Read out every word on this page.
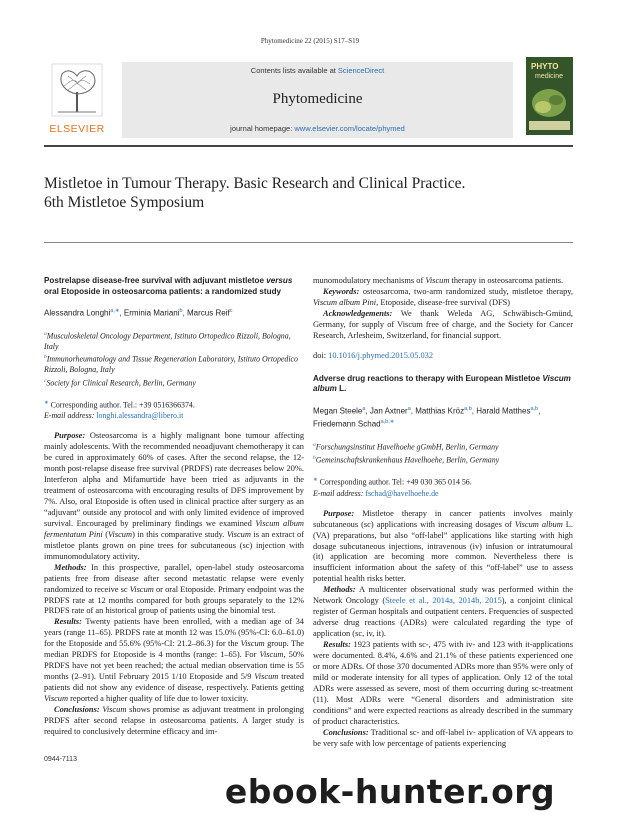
Phytomedicine 22 (2015) S17–S19
ELSEVIER
Contents lists available at ScienceDirect
Phytomedicine
journal homepage: www.elsevier.com/locate/phymed
PHYTO
medicine
Mistletoe in Tumour Therapy. Basic Research and Clinical Practice.
6th Mistletoe Symposium

Postrelapse disease-free survival with adjuvant mistletoe versus oral Etoposide in osteosarcoma patients: a randomized study

Alessandra Longhi$^{a,∗}$, Erminia Mariani$^b$, Marcus Reif$^c$

$^a$Musculoskeletal Oncology Department, Istituto Ortopedico Rizzoli, Bologna, Italy

$^b$Immunorheumatology and Tissue Regeneration Laboratory, Istituto Ortopedico Rizzoli, Bologna, Italy

$^c$Society for Clinical Research, Berlin, Germany

∗ Corresponding author. Tel.: +39 0516366374.

E-mail address: longhi.alessandra@libero.it

Purpose: Osteosarcoma is a highly malignant bone tumour affecting mainly adolescents. With the recommended neoadjuvant chemotherapy it can be cured in approximately 60% of cases. After the second relapse, the 12-month post-relapse disease free survival (PRDFS) rate decreases below 20%. Interferon alpha and Mifamurtide have been tried as adjuvants in the treatment of osteosarcoma with encouraging results of DFS improvement by 7%. Also, oral Etoposide is often used in clinical practice after surgery as an “adjuvant” outside any protocol and with only limited evidence of improved survival. Encouraged by preliminary findings we examined Viscum album fermentatum Pini (Viscum) in this comparative study. Viscum is an extract of mistletoe plants grown on pine trees for subcutaneous (sc) injection with immunomodulatory activity.

Methods: In this prospective, parallel, open-label study osteosarcoma patients free from disease after second metastatic relapse were evenly randomized to receive sc Viscum or oral Etoposide. Primary endpoint was the PRDFS rate at 12 months compared for both groups separately to the 12% PRDFS rate of an historical group of patients using the binomial test.

Results: Twenty patients have been enrolled, with a median age of 34 years (range 11–65). PRDFS rate at month 12 was 15.0% (95%-CI: 6.0–61.0) for the Etoposide and 55.6% (95%-CI: 21.2–86.3) for the Viscum group. The median PRDFS for Etoposide is 4 months (range: 1–65). For Viscum, 50% PRDFS have not yet been reached; the actual median observation time is 55 months (2–91). Until February 2015 1/10 Etoposide and 5/9 Viscum treated patients did not show any evidence of disease, respectively. Patients getting Viscum reported a higher quality of life due to lower toxicity.

Conclusions: Viscum shows promise as adjuvant treatment in prolonging PRDFS after second relapse in osteosarcoma patients. A larger study is required to conclusively determine efficacy and im-

munomodulatory mechanisms of Viscum therapy in osteosarcoma patients.

Keywords: osteosarcoma, two-arm randomized study, mistletoe therapy, Viscum album Pini, Etoposide, disease-free survival (DFS)

Acknowledgements: We thank Weleda AG, Schwäbisch-Gmünd, Germany, for supply of Viscum free of charge, and the Society for Cancer Research, Arlesheim, Switzerland, for financial support.

doi: 10.1016/j.phymed.2015.05.032

Adverse drug reactions to therapy with European Mistletoe Viscum album L.

Megan Steele$^a$, Jan Axtner$^a$, Matthias Kröz$^{a,b}$, Harald Matthes$^{a,b}$, Friedemann Schad$^{a,b,∗}$

$^a$Forschungsinstitut Havelhoehe gGmbH, Berlin, Germany

$^b$Gemeinschaftskrankenhaus Havelhoehe, Berlin, Germany

∗ Corresponding author. Tel: +49 030 365 014 56.

E-mail address: fschad@havelhoehe.de

Purpose: Mistletoe therapy in cancer patients involves mainly subcutaneous (sc) applications with increasing dosages of Viscum album L. (VA) preparations, but also “off-label” applications like starting with high dosage subcutaneous injections, intravenous (iv) infusion or intratumoural (it) application are becoming more common. Nevertheless there is insufficient information about the safety of this “off-label” use to assess potential health risks better.

Methods: A multicenter observational study was performed within the Network Oncology (Steele et al., 2014a, 2014b, 2015), a conjoint clinical register of German hospitals and outpatient centers. Frequencies of suspected adverse drug reactions (ADRs) were calculated regarding the type of application (sc, iv, it).

Results: 1923 patients with sc-, 475 with iv- and 123 with it-applications were documented. 8.4%, 4.6% and 21.1% of these patients experienced one or more ADRs. Of those 370 documented ADRs more than 95% were only of mild or moderate intensity for all types of application. Only 12 of the total ADRs were assessed as severe, most of them occurring during sc-treatment (11). Most ADRs were “General disorders and administration site conditions” and were expected reactions as already described in the summary of product characteristics.

Conclusions: Traditional sc- and off-label iv- application of VA appears to be very safe with low percentage of patients experiencing

0944-7113
ebook-hunter.org
